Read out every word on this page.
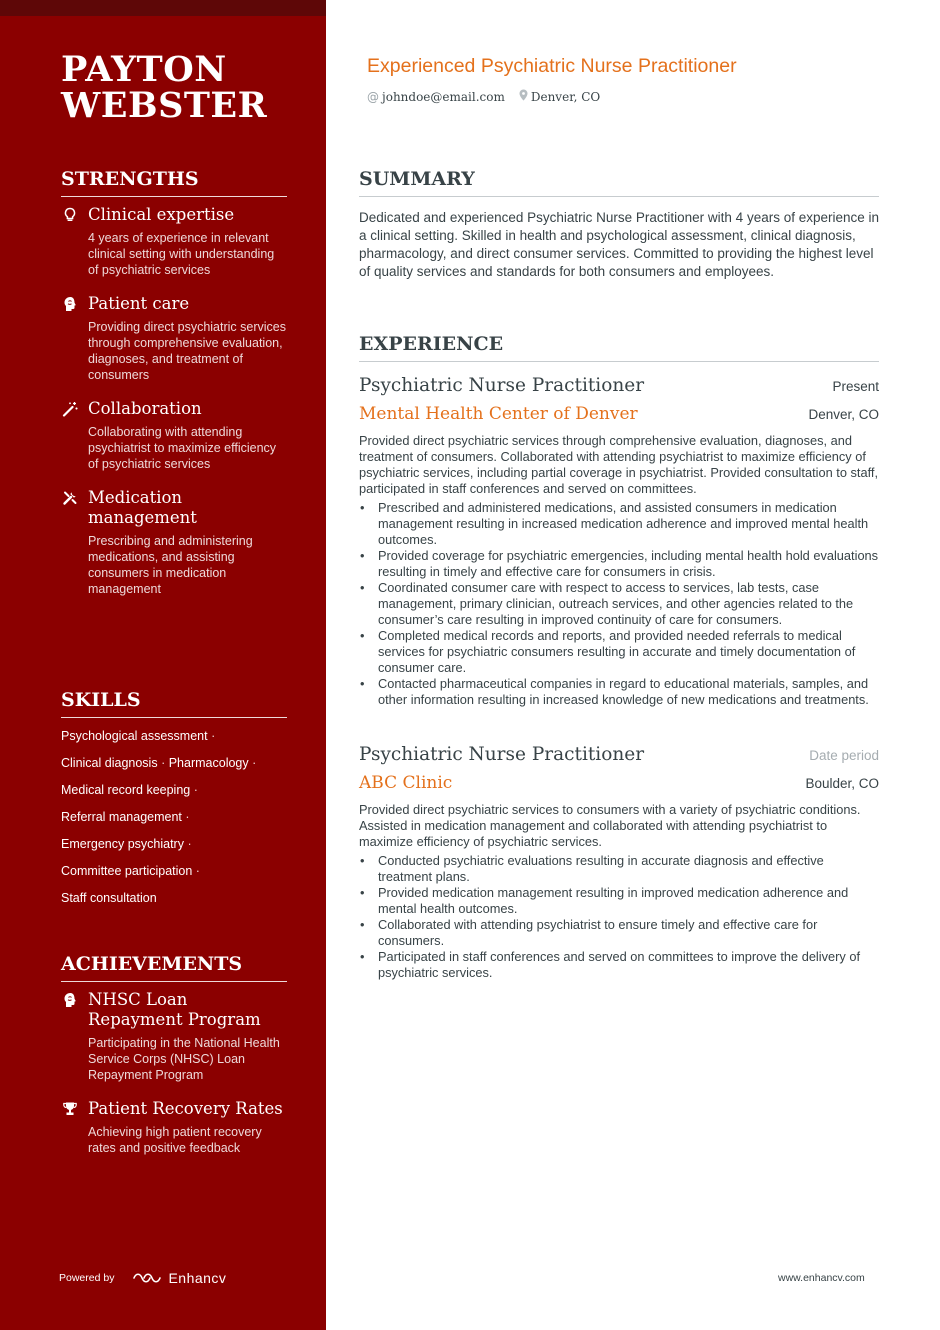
PAYTON
WEBSTER
STRENGTHS
Clinical expertise
4 years of experience in relevant clinical setting with understanding of psychiatric services
Patient care
Providing direct psychiatric services through comprehensive evaluation, diagnoses, and treatment of consumers
Collaboration
Collaborating with attending psychiatrist to maximize efficiency of psychiatric services
Medication management
Prescribing and administering medications, and assisting consumers in medication management
SKILLS
Psychological assessment ·
Clinical diagnosis · Pharmacology ·
Medical record keeping ·
Referral management ·
Emergency psychiatry ·
Committee participation ·
Staff consultation
ACHIEVEMENTS
NHSC Loan Repayment Program
Participating in the National Health Service Corps (NHSC) Loan Repayment Program
Patient Recovery Rates
Achieving high patient recovery rates and positive feedback
Powered by	Enhancv
Experienced Psychiatric Nurse Practitioner
@ johndoe@email.com Denver, CO
SUMMARY

Dedicated and experienced Psychiatric Nurse Practitioner with 4 years of experience in a clinical setting. Skilled in health and psychological assessment, clinical diagnosis, pharmacology, and direct consumer services. Committed to providing the highest level of quality services and standards for both consumers and employees.

EXPERIENCE
Psychiatric Nurse Practitioner	Present
Mental Health Center of Denver	Denver, CO

Provided direct psychiatric services through comprehensive evaluation, diagnoses, and treatment of consumers. Collaborated with attending psychiatrist to maximize efficiency of psychiatric services, including partial coverage in psychiatrist. Provided consultation to staff, participated in staff conferences and served on committees.

• Prescribed and administered medications, and assisted consumers in medication management resulting in increased medication adherence and improved mental health outcomes.
• Provided coverage for psychiatric emergencies, including mental health hold evaluations resulting in timely and effective care for consumers in crisis.
• Coordinated consumer care with respect to access to services, lab tests, case management, primary clinician, outreach services, and other agencies related to the consumer’s care resulting in improved continuity of care for consumers.
• Completed medical records and reports, and provided needed referrals to medical services for psychiatric consumers resulting in accurate and timely documentation of consumer care.
• Contacted pharmaceutical companies in regard to educational materials, samples, and other information resulting in increased knowledge of new medications and treatments.
Psychiatric Nurse Practitioner	Date period
ABC Clinic	Boulder, CO

Provided direct psychiatric services to consumers with a variety of psychiatric conditions. Assisted in medication management and collaborated with attending psychiatrist to maximize efficiency of psychiatric services.

• Conducted psychiatric evaluations resulting in accurate diagnosis and effective treatment plans.
• Provided medication management resulting in improved medication adherence and mental health outcomes.
• Collaborated with attending psychiatrist to ensure timely and effective care for consumers.
• Participated in staff conferences and served on committees to improve the delivery of psychiatric services.
www.enhancv.com
